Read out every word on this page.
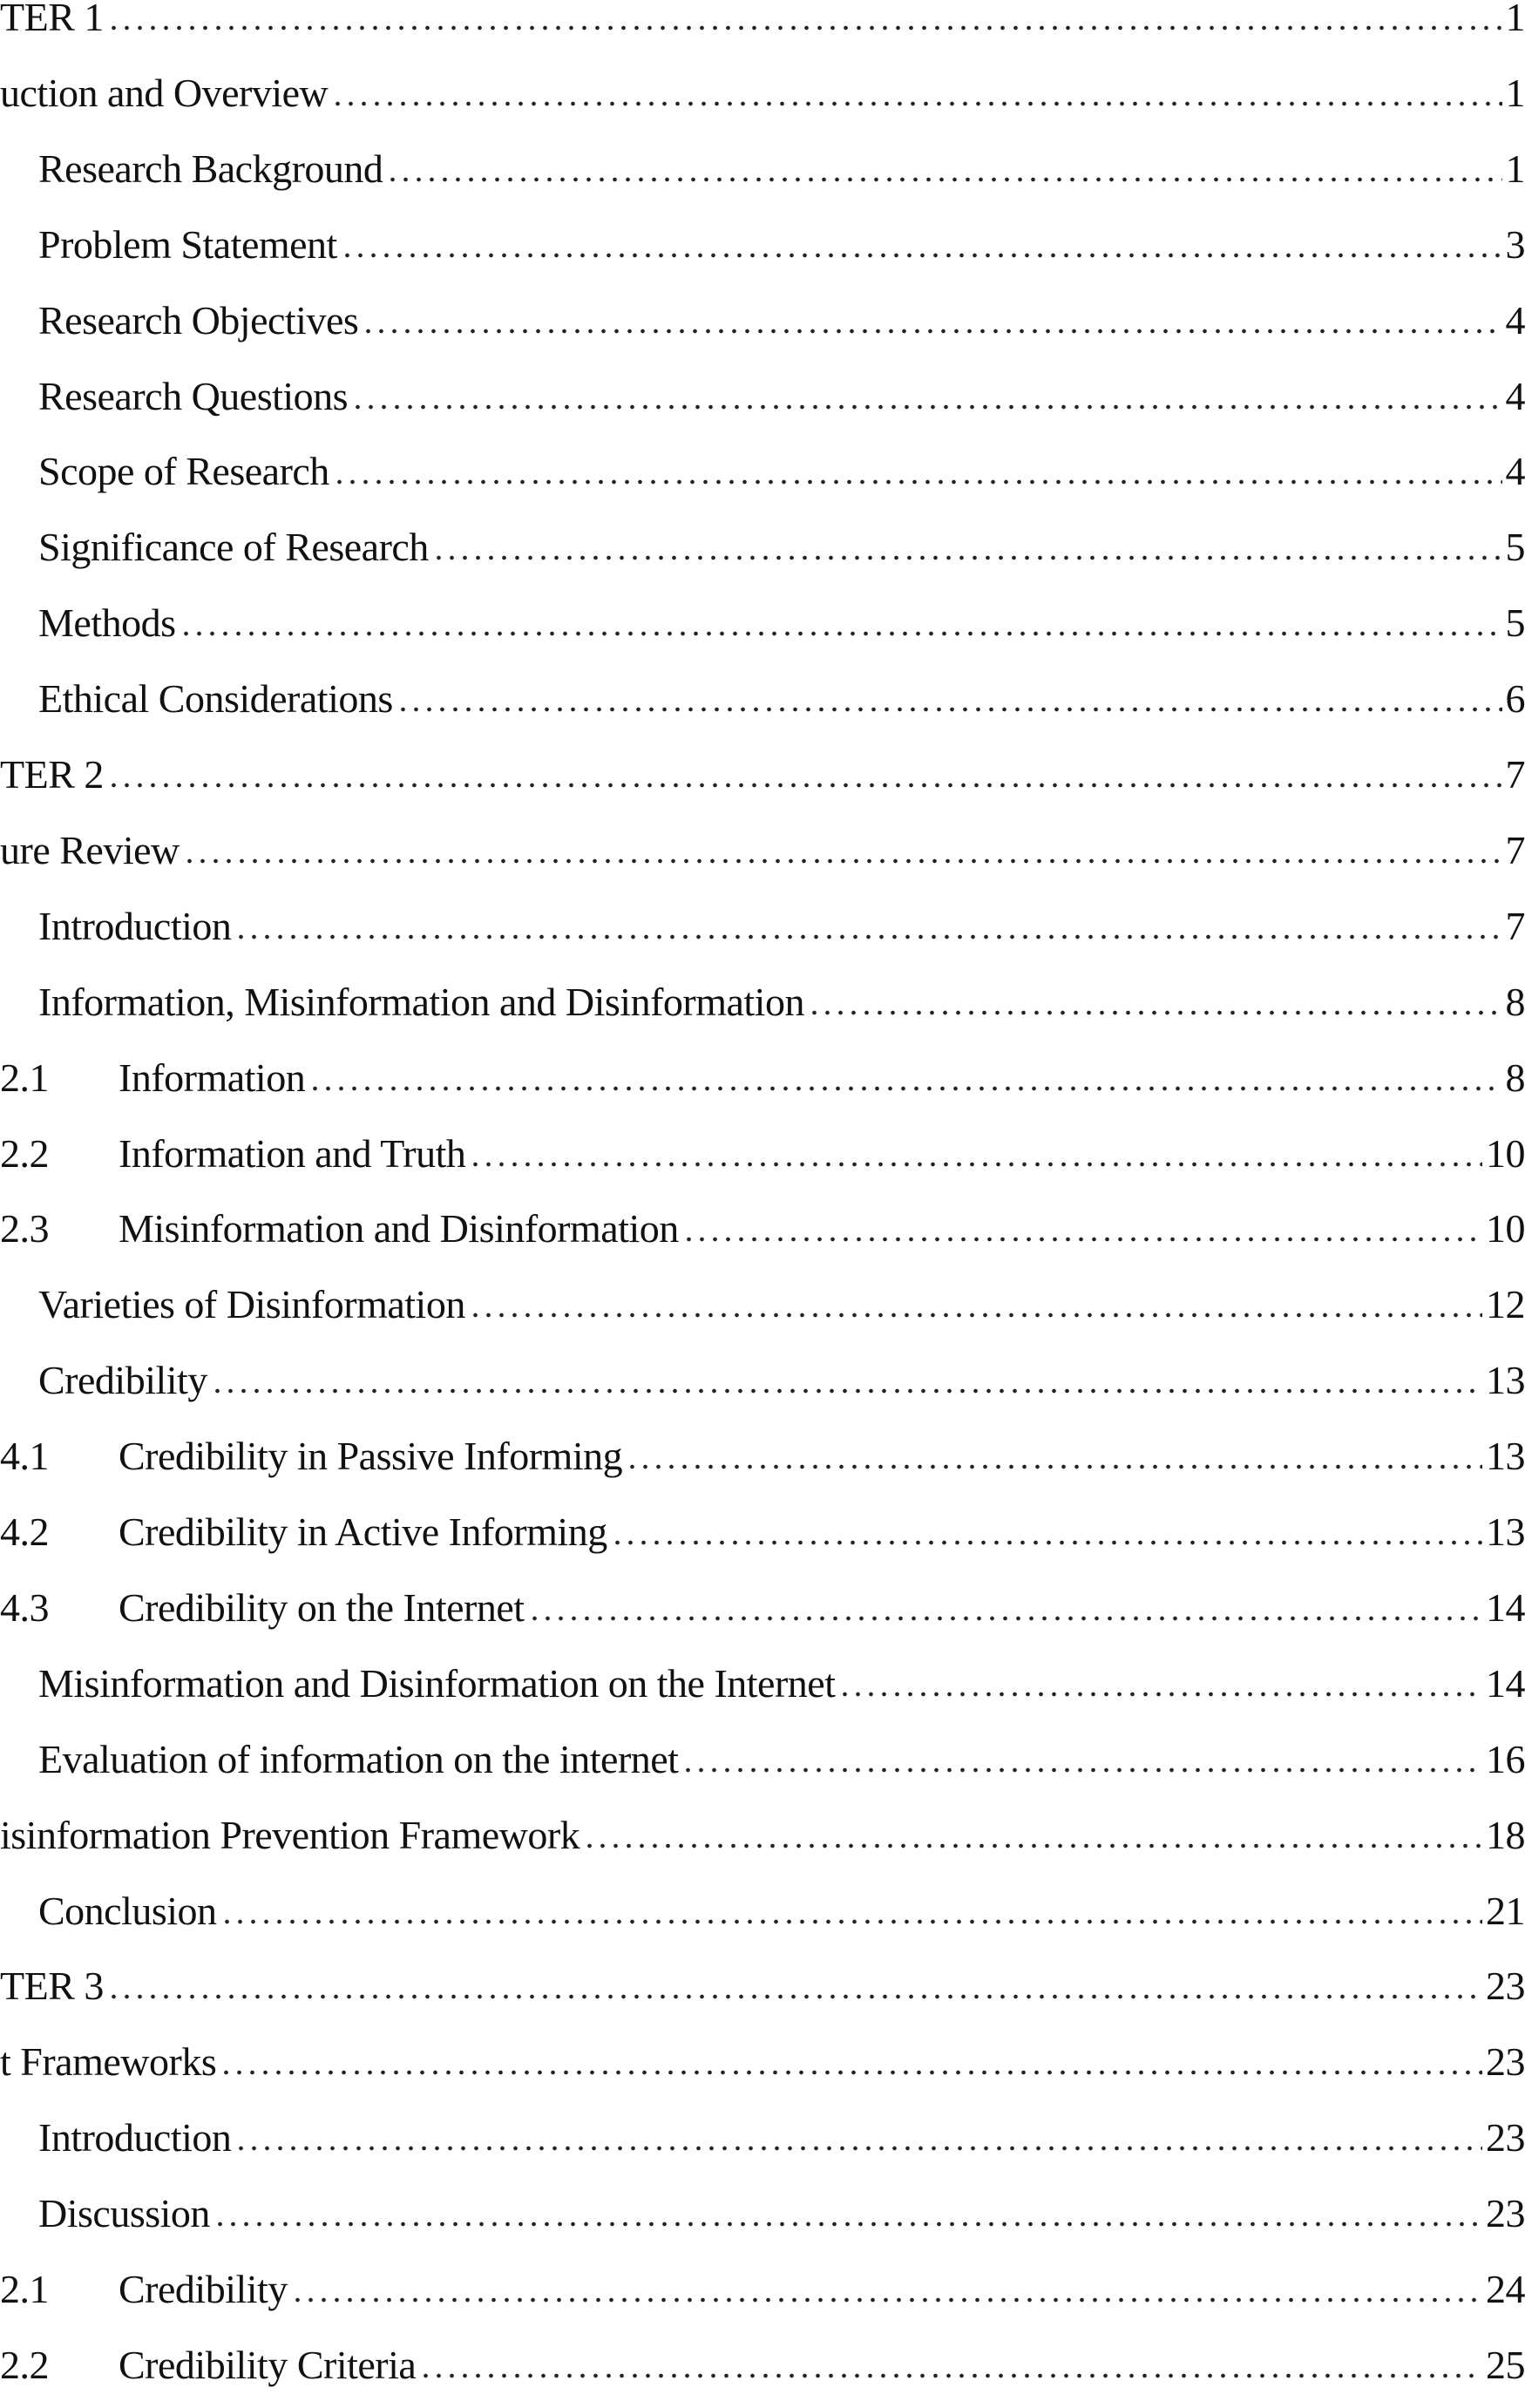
TER 1	1
uction and Overview	1
Research Background	1
Problem Statement	3
Research Objectives	4
Research Questions	4
Scope of Research	4
Significance of Research	5
Methods	5
Ethical Considerations	6
TER 2	7
ure Review	7
Introduction	7
Information, Misinformation and Disinformation	8
2.1	Information	8
2.2	Information and Truth	10
2.3	Misinformation and Disinformation	10
Varieties of Disinformation	12
Credibility	13
4.1	Credibility in Passive Informing	13
4.2	Credibility in Active Informing	13
4.3	Credibility on the Internet	14
Misinformation and Disinformation on the Internet	14
Evaluation of information on the internet	16
isinformation Prevention Framework	18
Conclusion	21
TER 3	23
t Frameworks	23
Introduction	23
Discussion	23
2.1	Credibility	24
2.2	Credibility Criteria	25
